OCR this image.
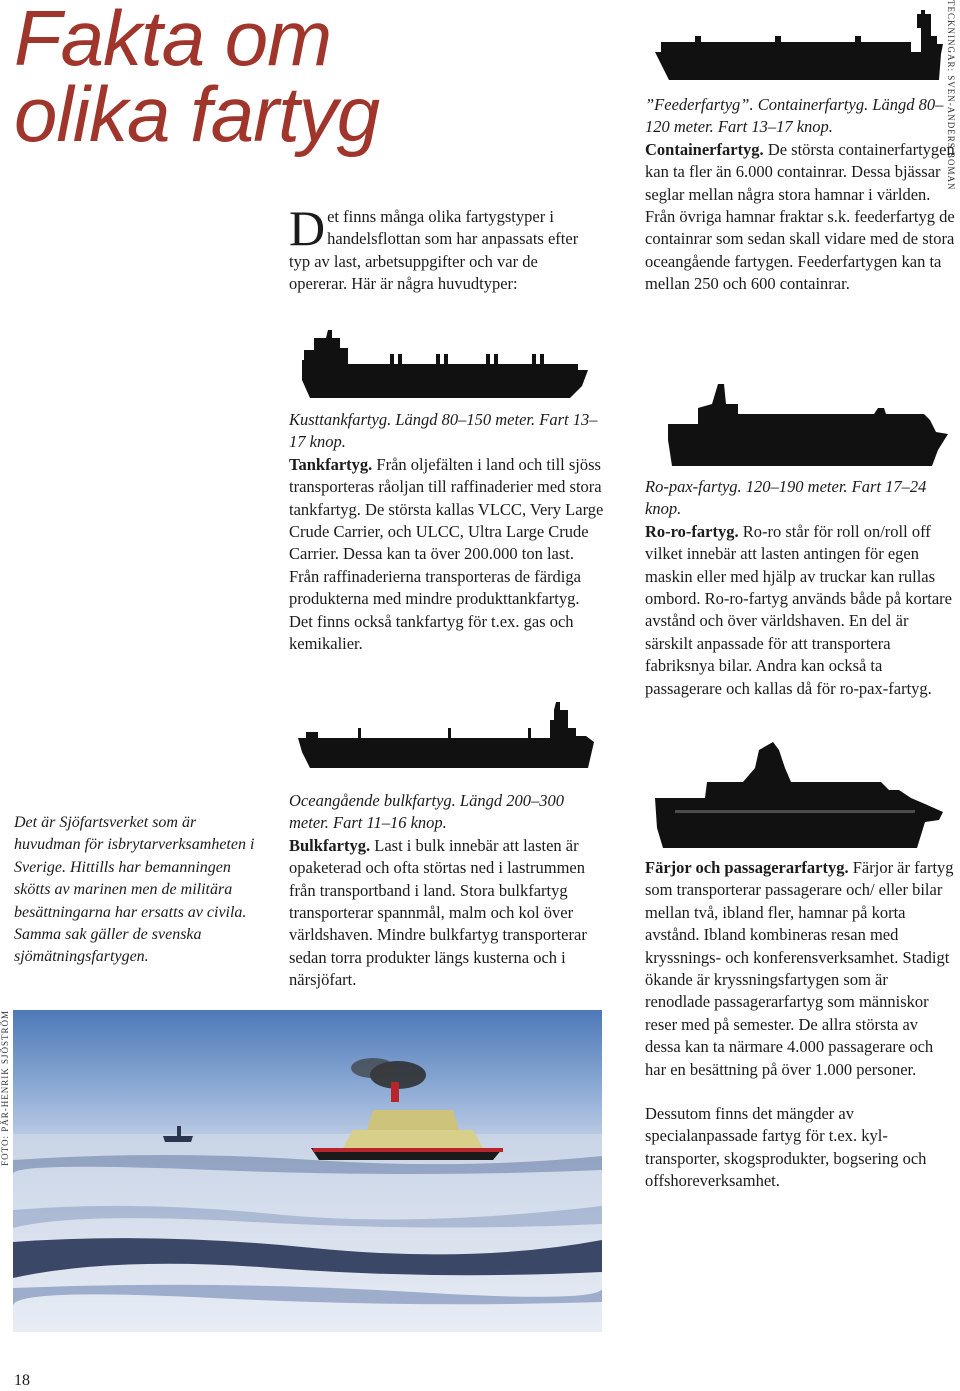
Fakta om
olika fartyg	TECKNINGAR: SVEN-ANDERS BOMAN
FOTO: PÄR-HENRIK SJÖSTRÖM
Det finns många olika fartygstyper i handelsflottan som har anpassats efter typ av last, arbetsuppgifter och var de opererar. Här är några huvudtyper:

”Feederfartyg”. Containerfartyg. Längd 80–120 meter. Fart 13–17 knop.

Containerfartyg. De största containerfartygen kan ta fler än 6.000 containrar. Dessa bjässar seglar mellan några stora hamnar i världen. Från övriga hamnar fraktar s.k. feederfartyg de containrar som sedan skall vidare med de stora oceangående fartygen. Feederfartygen kan ta mellan 250 och 600 containrar.

Kusttankfartyg. Längd 80–150 meter. Fart 13–17 knop.

Tankfartyg. Från oljefälten i land och till sjöss transporteras råoljan till raffinaderier med stora tankfartyg. De största kallas VLCC, Very Large Crude Carrier, och ULCC, Ultra Large Crude Carrier. Dessa kan ta över 200.000 ton last. Från raffinaderierna transporteras de färdiga produkterna med mindre produkttankfartyg. Det finns också tankfartyg för t.ex. gas och kemikalier.

Ro-pax-fartyg. 120–190 meter. Fart 17–24 knop.

Ro-ro-fartyg. Ro-ro står för roll on/roll off vilket innebär att lasten antingen för egen maskin eller med hjälp av truckar kan rullas ombord. Ro-ro-fartyg används både på kortare avstånd och över världshaven. En del är särskilt anpassade för att transportera fabriksnya bilar. Andra kan också ta passagerare och kallas då för ro-pax-fartyg.

Oceangående bulkfartyg. Längd 200–300 meter. Fart 11–16 knop.

Bulkfartyg. Last i bulk innebär att lasten är opaketerad och ofta störtas ned i lastrummen från transportband i land. Stora bulkfartyg transporterar spannmål, malm och kol över världshaven. Mindre bulkfartyg transporterar sedan torra produkter längs kusterna och i närsjöfart.

Färjor och passagerarfartyg. Färjor är fartyg som transporterar passagerare och/ eller bilar mellan två, ibland fler, hamnar på korta avstånd. Ibland kombineras resan med kryssnings- och konferensverksamhet. Stadigt ökande är kryssningsfartygen som är renodlade passagerarfartyg som människor reser med på semester. De allra största av dessa kan ta närmare 4.000 passagerare och har en besättning på över 1.000 personer.

Dessutom finns det mängder av specialanpassade fartyg för t.ex. kyltransporter, skogsprodukter, bogsering och offshoreverksamhet.

Det är Sjöfartsverket som är huvudman för isbrytarverksamheten i Sverige. Hittills har bemanningen skötts av marinen men de militära besättningarna har ersatts av civila. Samma sak gäller de svenska sjömätningsfartygen.
18
